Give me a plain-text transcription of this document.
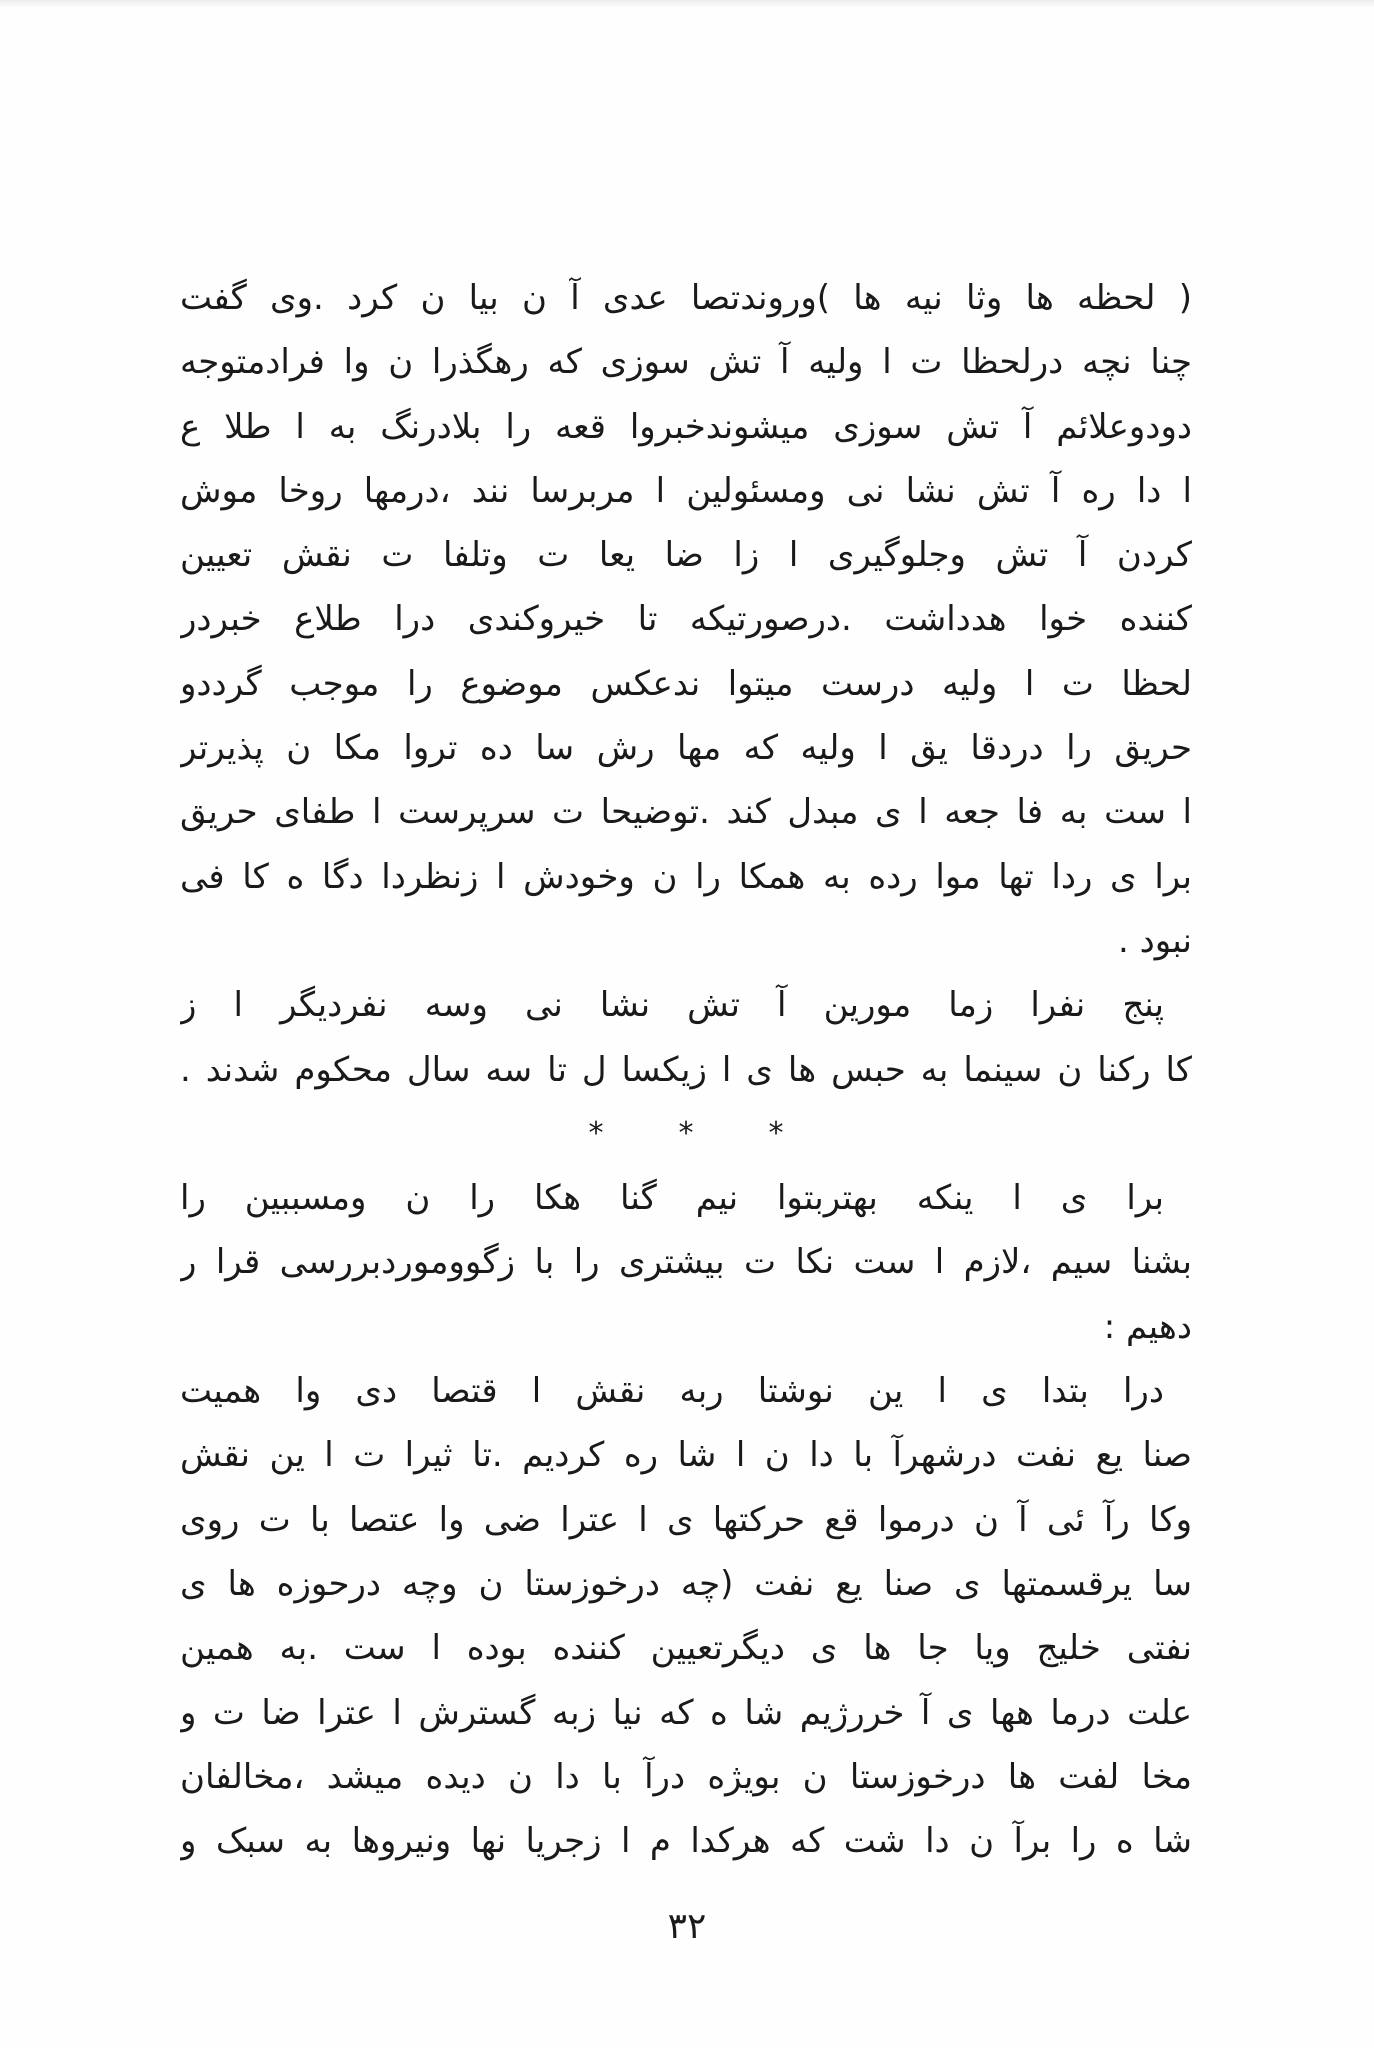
( لحظه ها وثا نیه ها )وروندتصا عدی آ ن بیا ن کرد .وی گفت
چنا نچه درلحظا ت ا ولیه آ تش سوزی که رهگذرا ن وا فرادمتوجه
دودوعلائم آ تش سوزی میشوندخبروا قعه را بلادرنگ به ا طلا ع
ا دا ره آ تش نشا نی ومسئولین ا مربرسا نند ،درمها روخا موش
کردن آ تش وجلوگیری ا زا ضا یعا ت وتلفا ت نقش تعیین
کننده خوا هدداشت .درصورتیکه تا خیروکندی درا طلاع خبردر
لحظا ت ا ولیه درست میتوا ندعکس موضوع را موجب گرددو
حریق را دردقا یق ا ولیه که مها رش سا ده تروا مکا ن پذیرتر
ا ست به فا جعه ا ی مبدل کند .توضیحا ت سرپرست ا طفای حریق
برا ی ردا تها موا رده به همکا را ن وخودش ا زنظردا دگا ه کا فی
نبود .
پنج نفرا زما مورین آ تش نشا نی وسه نفردیگر ا ز
کا رکنا ن سینما به حبس ها ی ا زیکسا ل تا سه سال محکوم شدند .
*	*	*
برا ی ا ینکه بهتربتوا نیم گنا هکا را ن ومسببین را
بشنا سیم ،لازم ا ست نکا ت بیشتری را با زگووموردبررسی قرا ر
دهیم :
درا بتدا ی ا ین نوشتا ربه نقش ا قتصا دی وا همیت
صنا یع نفت درشهرآ با دا ن ا شا ره کردیم .تا ثیرا ت ا ین نقش
وکا رآ ئی آ ن درموا قع حرکتها ی ا عترا ضی وا عتصا با ت روی
سا یرقسمتها ی صنا یع نفت (چه درخوزستا ن وچه درحوزه ها ی
نفتی خلیج ویا جا ها ی دیگرتعیین کننده بوده ا ست .به همین
علت درما هها ی آ خررژیم شا ه که نیا زبه گسترش ا عترا ضا ت و
مخا لفت ها درخوزستا ن بویژه درآ با دا ن دیده میشد ،مخالفان
شا ه را برآ ن دا شت که هرکدا م ا زجریا نها ونیروها به سبک و
۳۲
